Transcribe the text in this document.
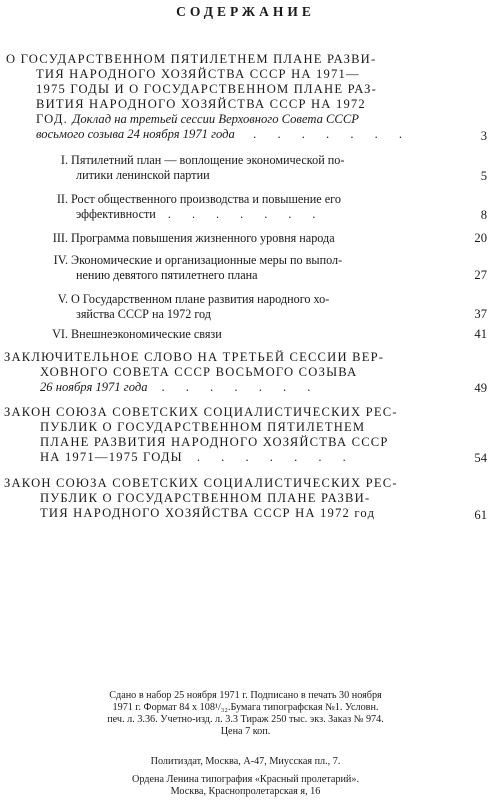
СОДЕРЖАНИЕ
О ГОСУДАРСТВЕННОМ ПЯТИЛЕТНЕМ ПЛАНЕ РАЗВИ-
ТИЯ НАРОДНОГО ХОЗЯЙСТВА СССР НА 1971—
1975 ГОДЫ И О ГОСУДАРСТВЕННОМ ПЛАНЕ РАЗ-
ВИТИЯ НАРОДНОГО ХОЗЯЙСТВА СССР НА 1972
ГОД. Доклад на третьей сессии Верховного Совета СССР
восьмого созыва 24 ноября 1971 года . . . . . . .	3
I. Пятилетний план — воплощение экономической по-
литики ленинской партии	5
II. Рост общественного производства и повышение его
эффективности . . . . . . .	8
III. Программа повышения жизненного уровня народа	20
IV. Экономические и организационные меры по выпол-
нению девятого пятилетнего плана	27
V. О Государственном плане развития народного хо-
зяйства СССР на 1972 год	37
VI. Внешнеэкономические связи	41
ЗАКЛЮЧИТЕЛЬНОЕ СЛОВО НА ТРЕТЬЕЙ СЕССИИ ВЕР-
ХОВНОГО СОВЕТА СССР ВОСЬМОГО СОЗЫВА
26 ноября 1971 года . . . . . . .	49
ЗАКОН СОЮЗА СОВЕТСКИХ СОЦИАЛИСТИЧЕСКИХ РЕС-
ПУБЛИК О ГОСУДАРСТВЕННОМ ПЯТИЛЕТНЕМ
ПЛАНЕ РАЗВИТИЯ НАРОДНОГО ХОЗЯЙСТВА СССР
НА 1971—1975 ГОДЫ . . . . . . .	54
ЗАКОН СОЮЗА СОВЕТСКИХ СОЦИАЛИСТИЧЕСКИХ РЕС-
ПУБЛИК О ГОСУДАРСТВЕННОМ ПЛАНЕ РАЗВИ-
ТИЯ НАРОДНОГО ХОЗЯЙСТВА СССР НА 1972 год	61
Сдано в набор 25 ноября 1971 г. Подписано в печать 30 ноября
1971 г. Формат 84 x 108¹/₃₂.Бумага типографская №1. Условн.
печ. л. 3.36. Учетно-изд. л. 3.3 Тираж 250 тыс. экз. Заказ № 974.
Цена 7 коп.
Политиздат, Москва, А-47, Миусская пл., 7.
Ордена Ленина типография «Красный пролетарий».
Москва, Краснопролетарская я, 16
